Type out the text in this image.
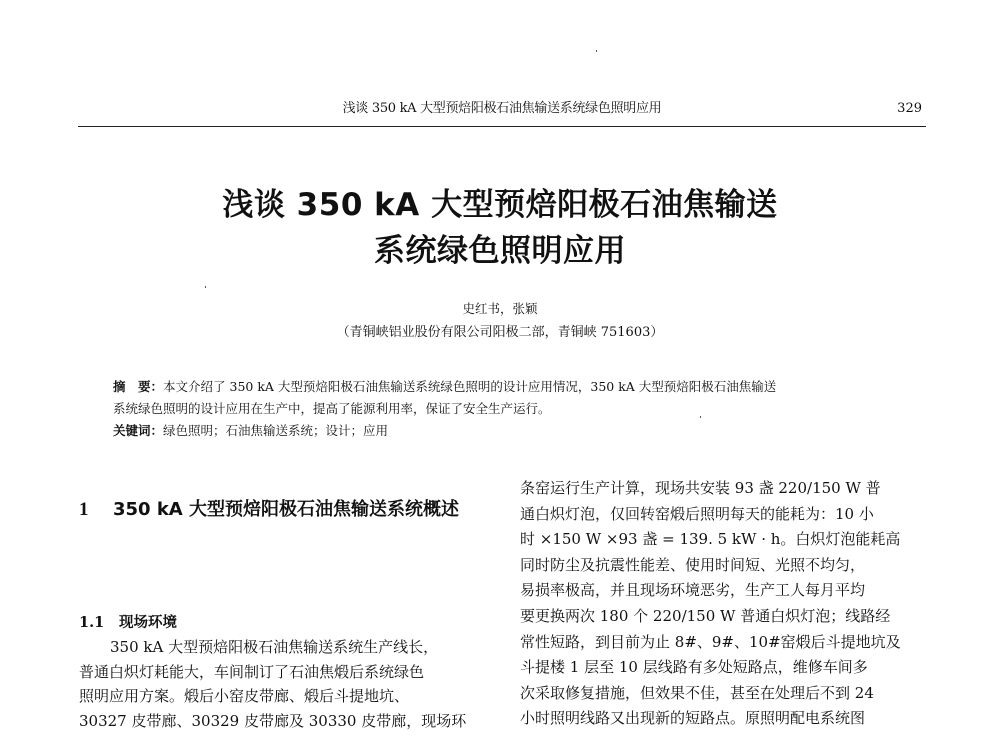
浅谈 350 kA 大型预焙阳极石油焦输送系统绿色照明应用	329
浅谈 350 kA 大型预焙阳极石油焦输送
系统绿色照明应用
史红书，张颖
（青铜峡铝业股份有限公司阳极二部，青铜峡 751603）

摘　要：本文介绍了 350 kA 大型预焙阳极石油焦输送系统绿色照明的设计应用情况，350 kA 大型预焙阳极石油焦输送

系统绿色照明的设计应用在生产中，提高了能源利用率，保证了安全生产运行。

关键词：绿色照明；石油焦输送系统；设计；应用

1	350 kA 大型预焙阳极石油焦输送系统概述
1.1 现场环境

350 kA 大型预焙阳极石油焦输送系统生产线长，

普通白炽灯耗能大，车间制订了石油焦煅后系统绿色

照明应用方案。煅后小窑皮带廊、煅后斗提地坑、

30327 皮带廊、30329 皮带廊及 30330 皮带廊，现场环

条窑运行生产计算，现场共安装 93 盏 220/150 W 普

通白炽灯泡，仅回转窑煅后照明每天的能耗为：10 小

时 ×150 W ×93 盏 = 139. 5 kW · h。白炽灯泡能耗高

同时防尘及抗震性能差、使用时间短、光照不均匀，

易损率极高，并且现场环境恶劣，生产工人每月平均

要更换两次 180 个 220/150 W 普通白炽灯泡；线路经

常性短路，到目前为止 8#、9#、10#窑煅后斗提地坑及

斗提楼 1 层至 10 层线路有多处短路点，维修车间多

次采取修复措施，但效果不佳，甚至在处理后不到 24

小时照明线路又出现新的短路点。原照明配电系统图
